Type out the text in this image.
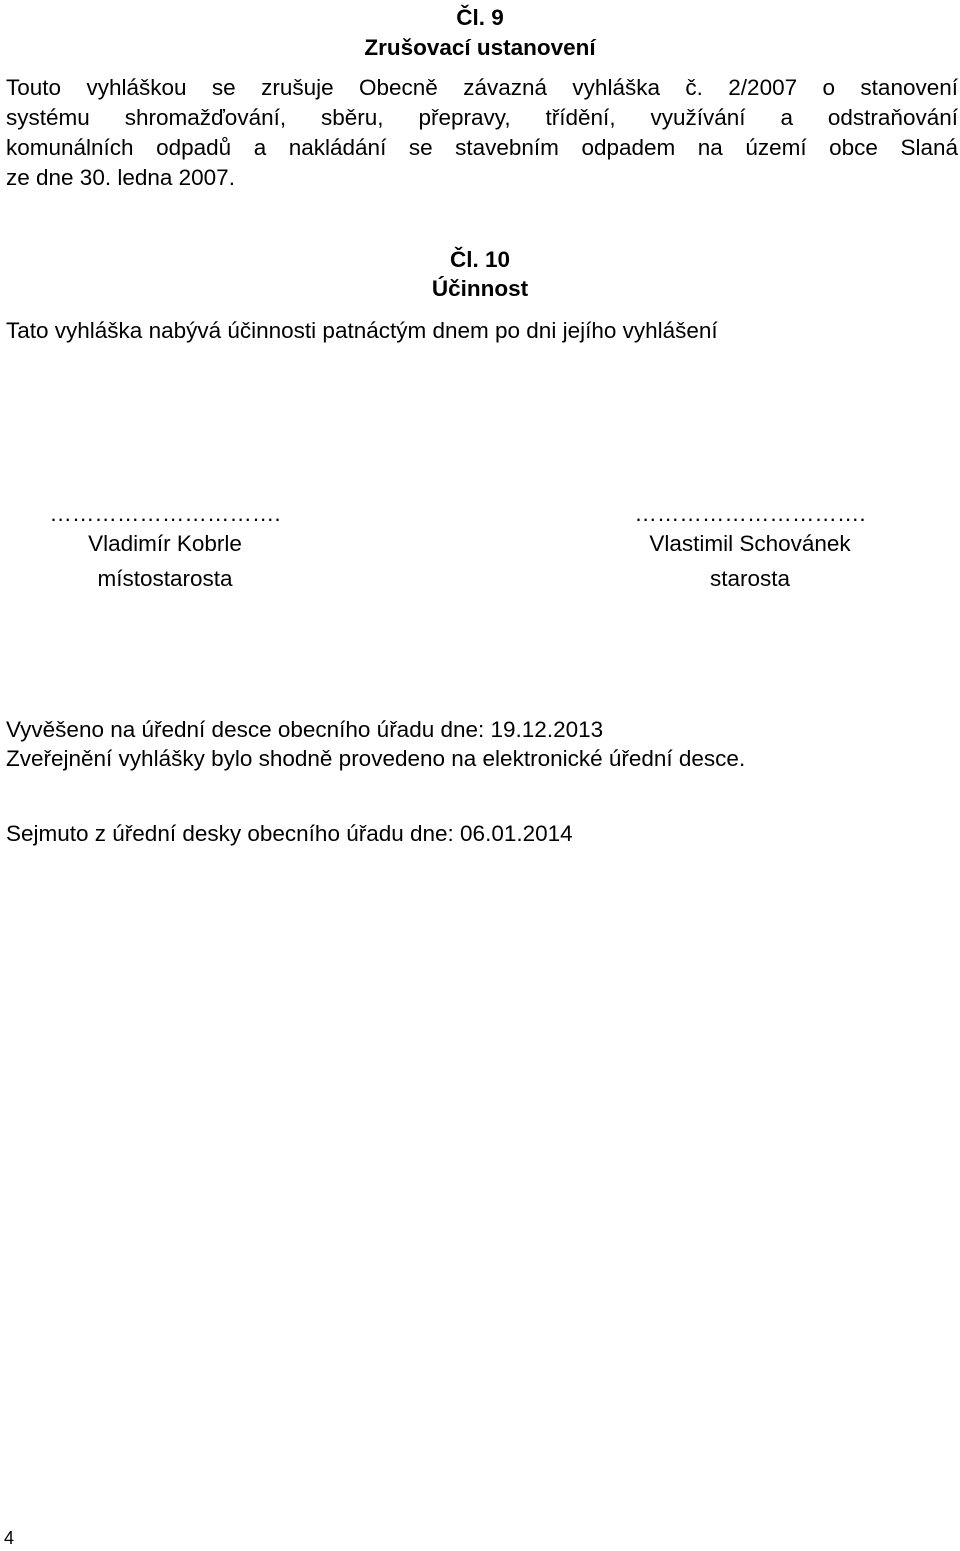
Čl. 9
Zrušovací ustanovení
Touto vyhláškou se zrušuje Obecně závazná vyhláška č. 2/2007 o stanovení
systému shromažďování, sběru, přepravy, třídění, využívání a odstraňování
komunálních odpadů a nakládání se stavebním odpadem na území obce Slaná
ze dne 30. ledna 2007.
Čl. 10
Účinnost
Tato vyhláška nabývá účinnosti patnáctým dnem po dni jejího vyhlášení
………………………….
Vladimír Kobrle
místostarosta
………………………….
Vlastimil Schovánek
starosta
Vyvěšeno na úřední desce obecního úřadu dne: 19.12.2013
Zveřejnění vyhlášky bylo shodně provedeno na elektronické úřední desce.
Sejmuto z úřední desky obecního úřadu dne: 06.01.2014
4
